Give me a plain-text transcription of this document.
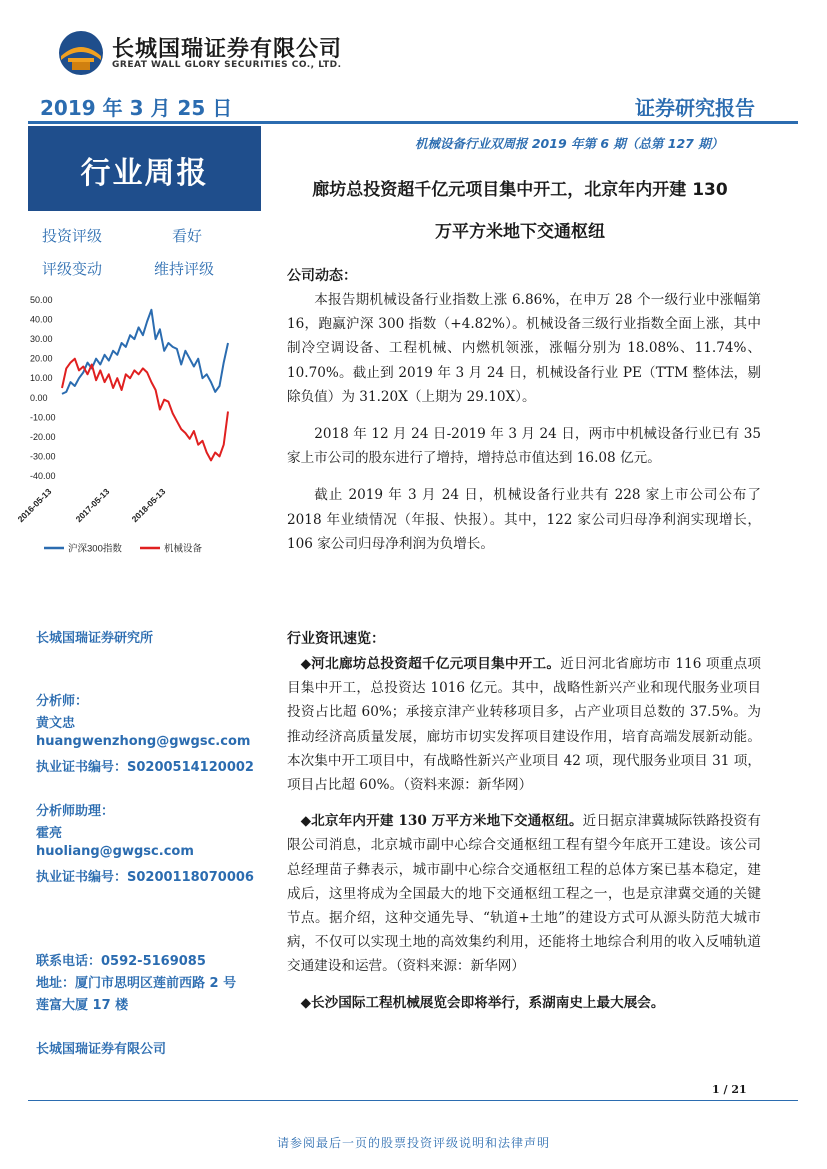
长城国瑞证券有限公司
GREAT WALL GLORY SECURITIES CO., LTD.
2019 年 3 月 25 日	证券研究报告
行业周报
投资评级	看好
评级变动	维持评级
50.00
40.00
30.00
20.00
10.00
0.00
-10.00
-20.00
-30.00
-40.00
2016-05-13 2017-05-13 2018-05-13
沪深300指数	机械设备
长城国瑞证券研究所
分析师：
黄文忠
huangwenzhong@gwgsc.com
执业证书编号：S0200514120002
分析师助理：
霍亮
huoliang@gwgsc.com
执业证书编号：S0200118070006
联系电话：0592-5169085
地址：厦门市思明区莲前西路 2 号
莲富大厦 17 楼
长城国瑞证券有限公司
机械设备行业双周报 2019 年第 6 期（总第 127 期）
廊坊总投资超千亿元项目集中开工，北京年内开建 130
万平方米地下交通枢纽
公司动态：

本报告期机械设备行业指数上涨 6.86%，在申万 28 个一级行业中涨幅第 16，跑赢沪深 300 指数（+4.82%）。机械设备三级行业指数全面上涨，其中制冷空调设备、工程机械、内燃机领涨，涨幅分别为 18.08%、11.74%、10.70%。截止到 2019 年 3 月 24 日，机械设备行业 PE（TTM 整体法，剔除负值）为 31.20X（上期为 29.10X）。

2018 年 12 月 24 日-2019 年 3 月 24 日，两市中机械设备行业已有 35 家上市公司的股东进行了增持，增持总市值达到 16.08 亿元。

截止 2019 年 3 月 24 日，机械设备行业共有 228 家上市公司公布了 2018 年业绩情况（年报、快报）。其中，122 家公司归母净利润实现增长，106 家公司归母净利润为负增长。

行业资讯速览：

◆河北廊坊总投资超千亿元项目集中开工。近日河北省廊坊市 116 项重点项目集中开工，总投资达 1016 亿元。其中，战略性新兴产业和现代服务业项目投资占比超 60%；承接京津产业转移项目多，占产业项目总数的 37.5%。为推动经济高质量发展，廊坊市切实发挥项目建设作用，培育高端发展新动能。本次集中开工项目中，有战略性新兴产业项目 42 项，现代服务业项目 31 项，项目占比超 60%。（资料来源：新华网）

◆北京年内开建 130 万平方米地下交通枢纽。近日据京津冀城际铁路投资有限公司消息，北京城市副中心综合交通枢纽工程有望今年底开工建设。该公司总经理苗子彝表示，城市副中心综合交通枢纽工程的总体方案已基本稳定，建成后，这里将成为全国最大的地下交通枢纽工程之一，也是京津冀交通的关键节点。据介绍，这种交通先导、“轨道+土地”的建设方式可从源头防范大城市病，不仅可以实现土地的高效集约利用，还能将土地综合利用的收入反哺轨道交通建设和运营。（资料来源：新华网）

◆长沙国际工程机械展览会即将举行，系湖南史上最大展会。

1 / 21
请参阅最后一页的股票投资评级说明和法律声明
